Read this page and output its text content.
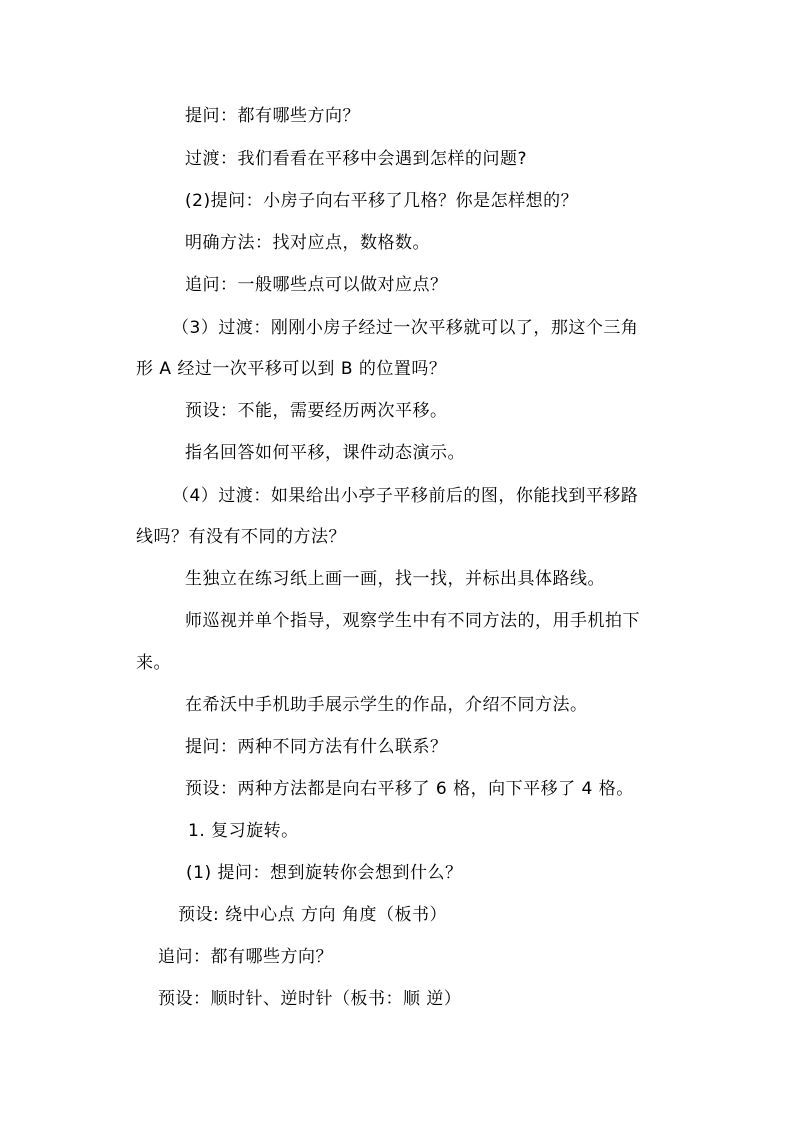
提问：都有哪些方向？
过渡：我们看看在平移中会遇到怎样的问题?
(2)提问：小房子向右平移了几格？你是怎样想的？
明确方法：找对应点，数格数。
追问：一般哪些点可以做对应点？
（3）过渡：刚刚小房子经过一次平移就可以了，那这个三角
形 A 经过一次平移可以到 B 的位置吗？
预设：不能，需要经历两次平移。
指名回答如何平移，课件动态演示。
（4）过渡：如果给出小亭子平移前后的图，你能找到平移路
线吗？有没有不同的方法？
生独立在练习纸上画一画，找一找，并标出具体路线。
师巡视并单个指导，观察学生中有不同方法的，用手机拍下
来。
在希沃中手机助手展示学生的作品，介绍不同方法。
提问：两种不同方法有什么联系？
预设：两种方法都是向右平移了 6 格，向下平移了 4 格。
1. 复习旋转。
(1) 提问：想到旋转你会想到什么？
预设: 绕中心点 方向 角度（板书）
追问：都有哪些方向？
预设：顺时针、逆时针（板书：顺 逆）
